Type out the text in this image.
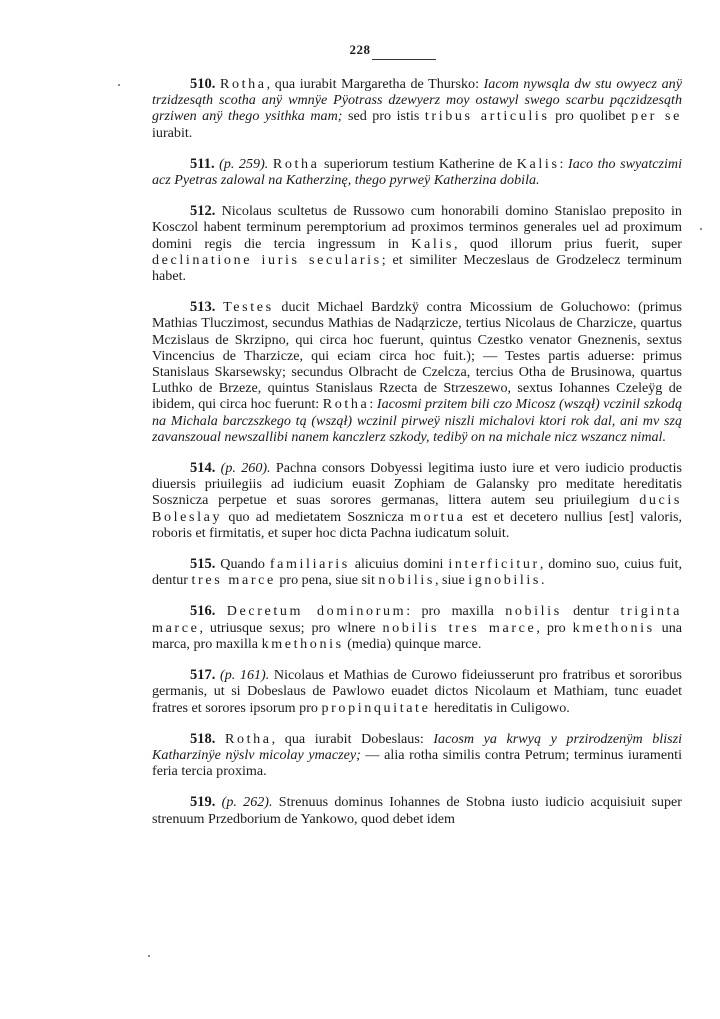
228

510. Rotha, qua iurabit Margaretha de Thursko: Iacom nywsąla dw stu owyecz anÿ trzidzesąth scotha anÿ wmnÿe Pÿotrass dzewyerz moy ostawyl swego scarbu pączidzesąth grziwen anÿ thego ysithka mam; sed pro istis tribus articulis pro quolibet per se iurabit.

511. (p. 259). Rotha superiorum testium Katherine de Kalis: Iaco tho swyatczimi acz Pyetras zalowal na Katherzinę, thego pyrweÿ Katherzina dobila.

512. Nicolaus scultetus de Russowo cum honorabili domino Stanislao preposito in Kosczol habent terminum peremptorium ad proximos terminos generales uel ad proximum domini regis die tercia ingressum in Kalis, quod illorum prius fuerit, super declinatione iuris secularis; et similiter Meczeslaus de Grodzelecz terminum habet.

513. Testes ducit Michael Bardzkÿ contra Micossium de Goluchowo: (primus Mathias Tluczimost, secundus Mathias de Nadąrzicze, tertius Nicolaus de Charzicze, quartus Mczislaus de Skrzipno, qui circa hoc fuerunt, quintus Czestko venator Gneznenis, sextus Vincencius de Tharzicze, qui eciam circa hoc fuit.); — Testes partis aduerse: primus Stanislaus Skarsewsky; secundus Olbracht de Czelcza, tercius Otha de Brusinowa, quartus Luthko de Brzeze, quintus Stanislaus Rzecta de Strzeszewo, sextus Iohannes Czeleÿg de ibidem, qui circa hoc fuerunt: Rotha: Iacosmi przitem bili czo Micosz (wszął) vczinil szkodą na Michala barczszkego tą (wszął) wczinil pirweÿ niszli michalovi ktori rok dal, ani mv szą zavanszoual newszallibi nanem kanczlerz szkody, tedibÿ on na michale nicz wszancz nimal.

514. (p. 260). Pachna consors Dobyessi legitima iusto iure et vero iudicio productis diuersis priuilegiis ad iudicium euasit Zophiam de Galansky pro meditate hereditatis Sosznicza perpetue et suas sorores germanas, littera autem seu priuilegium ducis Boleslay quo ad medietatem Sosznicza mortua est et decetero nullius [est] valoris, roboris et firmitatis, et super hoc dicta Pachna iudicatum soluit.

515. Quando familiaris alicuius domini interficitur, domino suo, cuius fuit, dentur tres marce pro pena, siue sit nobilis, siue ignobilis.

516. Decretum dominorum: pro maxilla nobilis dentur triginta marce, utriusque sexus; pro wlnere nobilis tres marce, pro kmethonis una marca, pro maxilla kmethonis (media) quinque marce.

517. (p. 161). Nicolaus et Mathias de Curowo fideiusserunt pro fratribus et sororibus germanis, ut si Dobeslaus de Pawlowo euadet dictos Nicolaum et Mathiam, tunc euadet fratres et sorores ipsorum pro propinquitate hereditatis in Culigowo.

518. Rotha, qua iurabit Dobeslaus: Iacosm ya krwyą y przirodzenÿm bliszi Katharzinÿe nÿslv micolay ymaczey; — alia rotha similis contra Petrum; terminus iuramenti feria tercia proxima.

519. (p. 262). Strenuus dominus Iohannes de Stobna iusto iudicio acquisiuit super strenuum Przedborium de Yankowo, quod debet idem
